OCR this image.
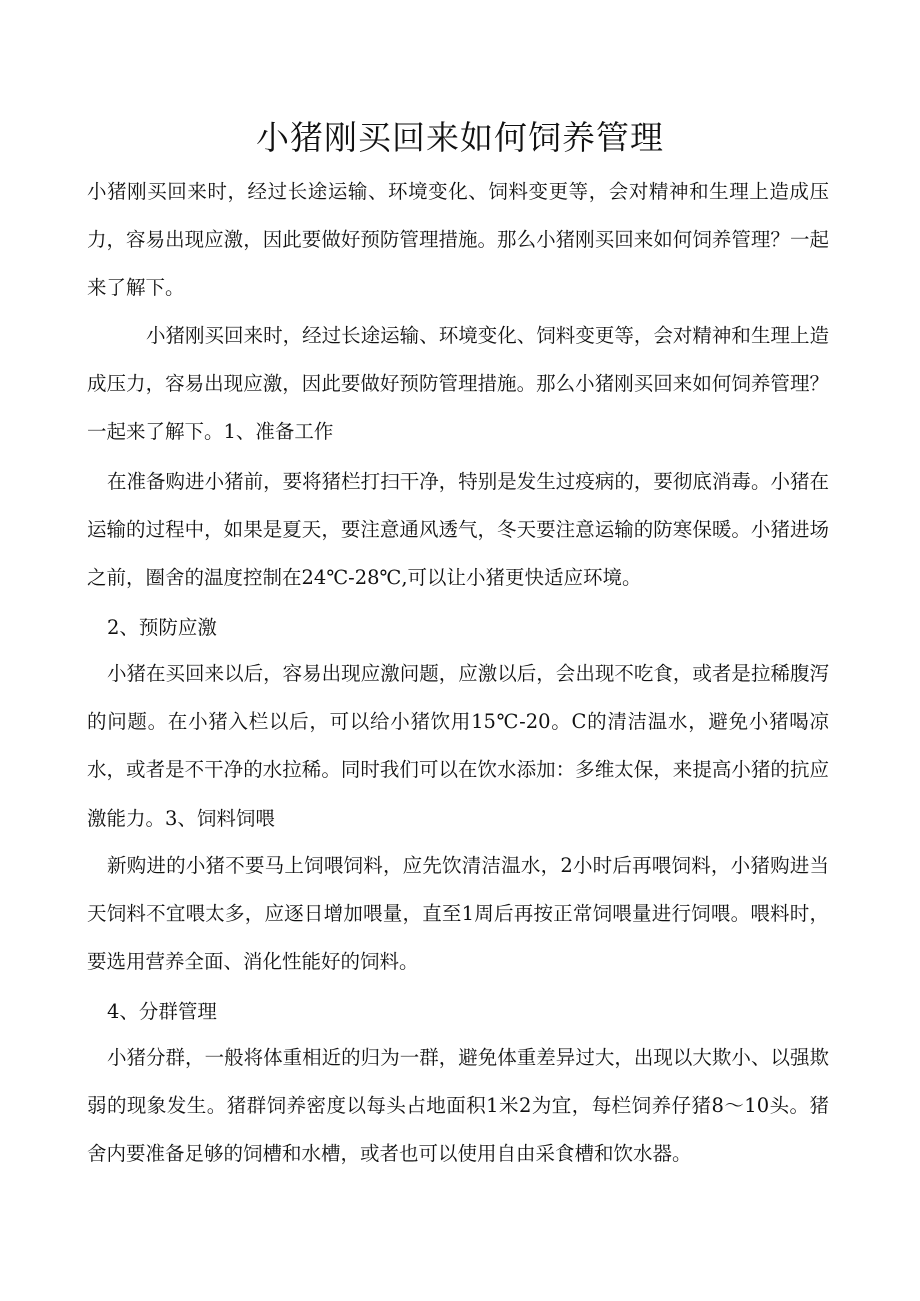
小猪刚买回来如何饲养管理

小猪刚买回来时，经过长途运输、环境变化、饲料变更等，会对精神和生理上造成压力，容易出现应激，因此要做好预防管理措施。那么小猪刚买回来如何饲养管理？一起来了解下。

小猪刚买回来时，经过长途运输、环境变化、饲料变更等，会对精神和生理上造成压力，容易出现应激，因此要做好预防管理措施。那么小猪刚买回来如何饲养管理？一起来了解下。1、准备工作

在准备购进小猪前，要将猪栏打扫干净，特别是发生过疫病的，要彻底消毒。小猪在运输的过程中，如果是夏天，要注意通风透气，冬天要注意运输的防寒保暖。小猪进场之前，圈舍的温度控制在24℃-28℃,可以让小猪更快适应环境。

2、预防应激

小猪在买回来以后，容易出现应激问题，应激以后，会出现不吃食，或者是拉稀腹泻的问题。在小猪入栏以后，可以给小猪饮用15℃-20。C的清洁温水，避免小猪喝凉水，或者是不干净的水拉稀。同时我们可以在饮水添加：多维太保，来提高小猪的抗应激能力。3、饲料饲喂

新购进的小猪不要马上饲喂饲料，应先饮清洁温水，2小时后再喂饲料，小猪购进当天饲料不宜喂太多，应逐日增加喂量，直至1周后再按正常饲喂量进行饲喂。喂料时，要选用营养全面、消化性能好的饲料。

4、分群管理

小猪分群，一般将体重相近的归为一群，避免体重差异过大，出现以大欺小、以强欺弱的现象发生。猪群饲养密度以每头占地面积1米2为宜，每栏饲养仔猪8～10头。猪舍内要准备足够的饲槽和水槽，或者也可以使用自由采食槽和饮水器。
